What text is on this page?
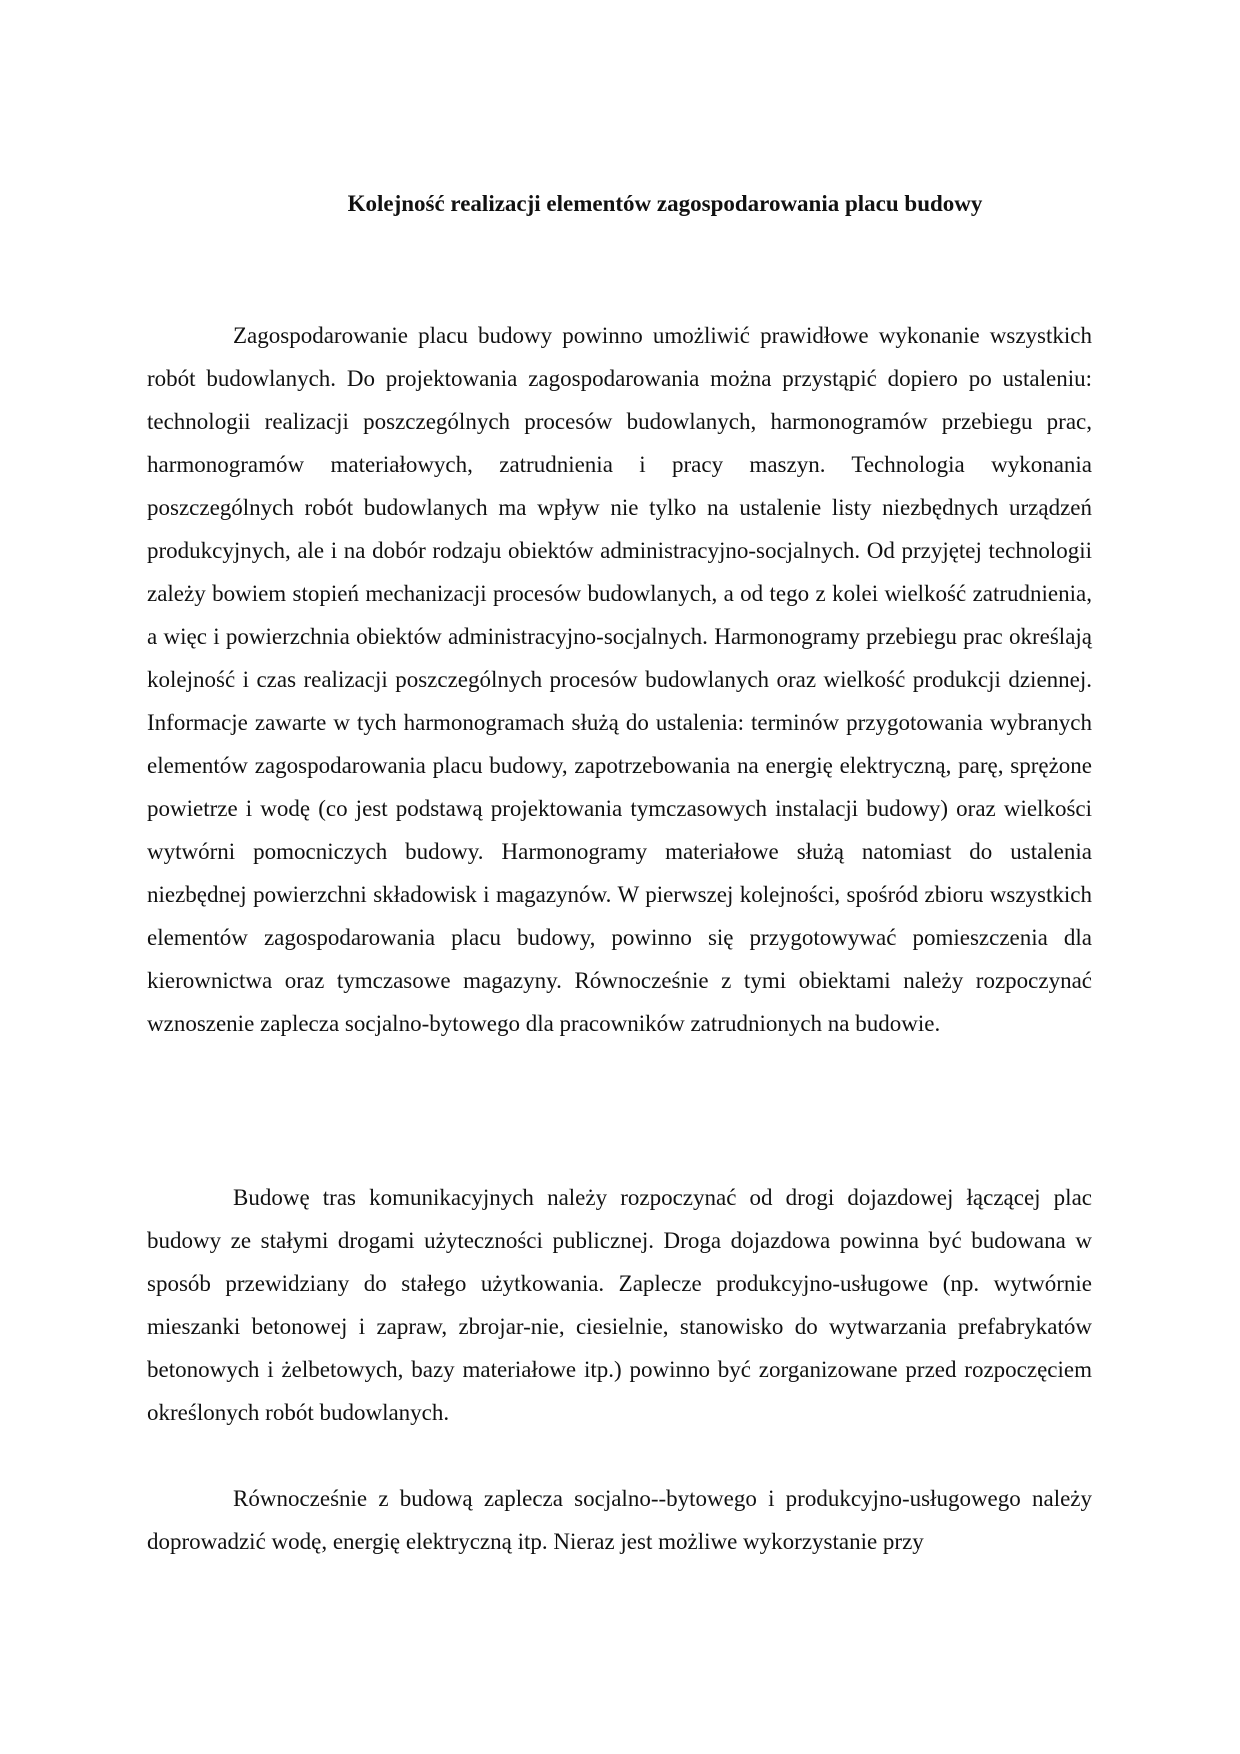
Kolejność realizacji elementów zagospodarowania placu budowy

Zagospodarowanie placu budowy powinno umożliwić prawidłowe wykonanie wszystkich robót budowlanych. Do projektowania zagospodarowania można przystąpić dopiero po ustaleniu: technologii realizacji poszczególnych procesów budowlanych, harmonogramów przebiegu prac, harmonogramów materiałowych, zatrudnienia i pracy maszyn. Technologia wykonania poszczególnych robót budowlanych ma wpływ nie tylko na ustalenie listy niezbędnych urządzeń produkcyjnych, ale i na dobór rodzaju obiektów administracyjno-socjalnych. Od przyjętej technologii zależy bowiem stopień mechanizacji procesów budowlanych, a od tego z kolei wielkość zatrudnienia, a więc i powierzchnia obiektów administracyjno-socjalnych. Harmonogramy przebiegu prac określają kolejność i czas realizacji poszczególnych procesów budowlanych oraz wielkość produkcji dziennej. Informacje zawarte w tych harmonogramach służą do ustalenia: terminów przygotowania wybranych elementów zagospodarowania placu budowy, zapotrzebowania na energię elektryczną, parę, sprężone powietrze i wodę (co jest podstawą projektowania tymczasowych instalacji budowy) oraz wielkości wytwórni pomocniczych budowy. Harmonogramy materiałowe służą natomiast do ustalenia niezbędnej powierzchni składowisk i magazynów. W pierwszej kolejności, spośród zbioru wszystkich elementów zagospodarowania placu budowy, powinno się przygotowywać pomieszczenia dla kierownictwa oraz tymczasowe magazyny. Równocześnie z tymi obiektami należy rozpoczynać wznoszenie zaplecza socjalno-bytowego dla pracowników zatrudnionych na budowie.

Budowę tras komunikacyjnych należy rozpoczynać od drogi dojazdowej łączącej plac budowy ze stałymi drogami użyteczności publicznej. Droga dojazdowa powinna być budowana w sposób przewidziany do stałego użytkowania. Zaplecze produkcyjno-usługowe (np. wytwórnie mieszanki betonowej i zapraw, zbrojar-nie, ciesielnie, stanowisko do wytwarzania prefabrykatów betonowych i żelbetowych, bazy materiałowe itp.) powinno być zorganizowane przed rozpoczęciem określonych robót budowlanych.

Równocześnie z budową zaplecza socjalno--bytowego i produkcyjno-usługowego należy doprowadzić wodę, energię elektryczną itp. Nieraz jest możliwe wykorzystanie przy
